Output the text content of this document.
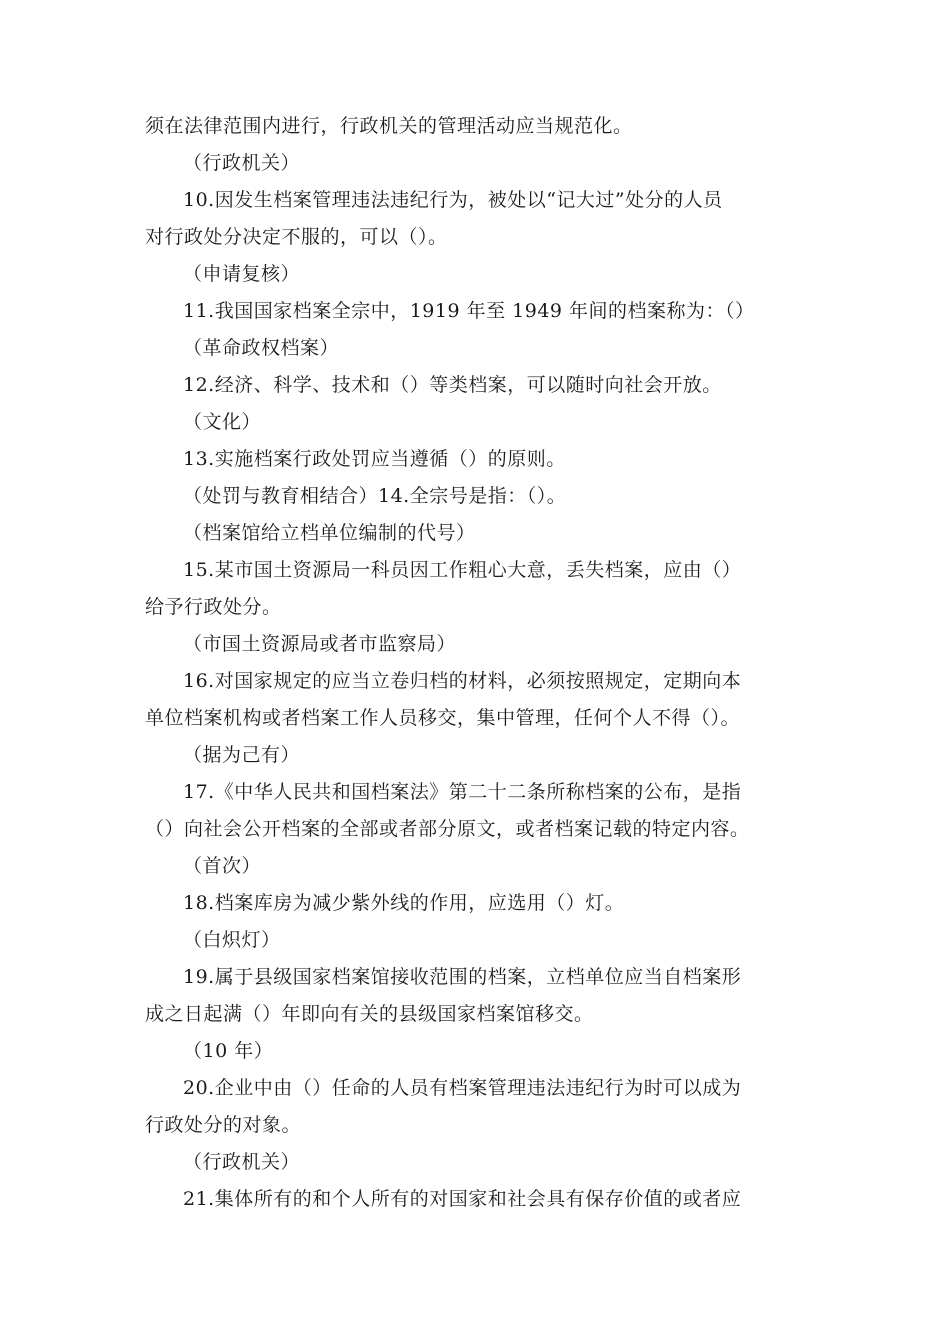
须在法律范围内进行，行政机关的管理活动应当规范化。
（行政机关）
10.因发生档案管理违法违纪行为，被处以“记大过”处分的人员
对行政处分决定不服的，可以（）。
（申请复核）
11.我国国家档案全宗中，1919 年至 1949 年间的档案称为：（）
（革命政权档案）
12.经济、科学、技术和（）等类档案，可以随时向社会开放。
（文化）
13.实施档案行政处罚应当遵循（）的原则。
（处罚与教育相结合）14.全宗号是指：（）。
（档案馆给立档单位编制的代号）
15.某市国土资源局一科员因工作粗心大意，丢失档案，应由（）
给予行政处分。
（市国土资源局或者市监察局）
16.对国家规定的应当立卷归档的材料，必须按照规定，定期向本
单位档案机构或者档案工作人员移交，集中管理，任何个人不得（）。
（据为己有）
17.《中华人民共和国档案法》第二十二条所称档案的公布，是指
（）向社会公开档案的全部或者部分原文，或者档案记载的特定内容。
（首次）
18.档案库房为减少紫外线的作用，应选用（）灯。
（白炽灯）
19.属于县级国家档案馆接收范围的档案，立档单位应当自档案形
成之日起满（）年即向有关的县级国家档案馆移交。
（10 年）
20.企业中由（）任命的人员有档案管理违法违纪行为时可以成为
行政处分的对象。
（行政机关）
21.集体所有的和个人所有的对国家和社会具有保存价值的或者应
